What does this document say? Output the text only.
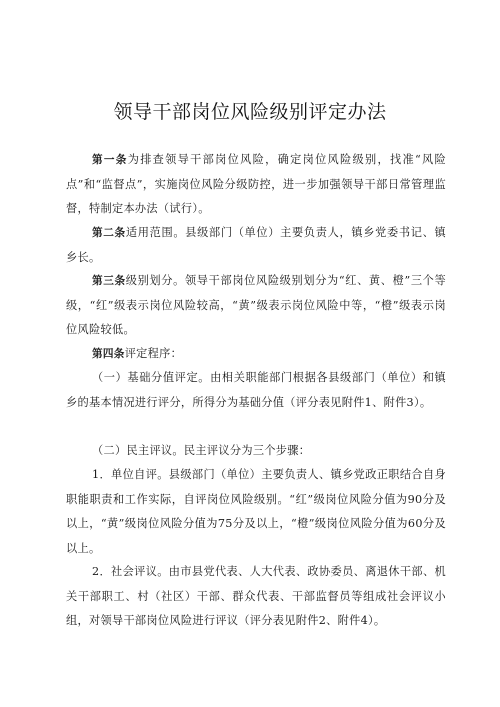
领导干部岗位风险级别评定办法
第一条为排查领导干部岗位风险，确定岗位风险级别，找准“风险点”和“监督点”，实施岗位风险分级防控，进一步加强领导干部日常管理监督，特制定本办法（试行）。
第二条适用范围。县级部门（单位）主要负责人，镇乡党委书记、镇乡长。
第三条级别划分。领导干部岗位风险级别划分为“红、黄、橙”三个等级，“红”级表示岗位风险较高，“黄”级表示岗位风险中等，“橙”级表示岗位风险较低。
第四条评定程序：
（一）基础分值评定。由相关职能部门根据各县级部门（单位）和镇乡的基本情况进行评分，所得分为基础分值（评分表见附件1、附件3）。
（二）民主评议。民主评议分为三个步骤：
1．单位自评。县级部门（单位）主要负责人、镇乡党政正职结合自身职能职责和工作实际，自评岗位风险级别。“红”级岗位风险分值为90分及以上，“黄”级岗位风险分值为75分及以上，“橙”级岗位风险分值为60分及以上。
2．社会评议。由市县党代表、人大代表、政协委员、离退休干部、机关干部职工、村（社区）干部、群众代表、干部监督员等组成社会评议小组，对领导干部岗位风险进行评议（评分表见附件2、附件4）。
